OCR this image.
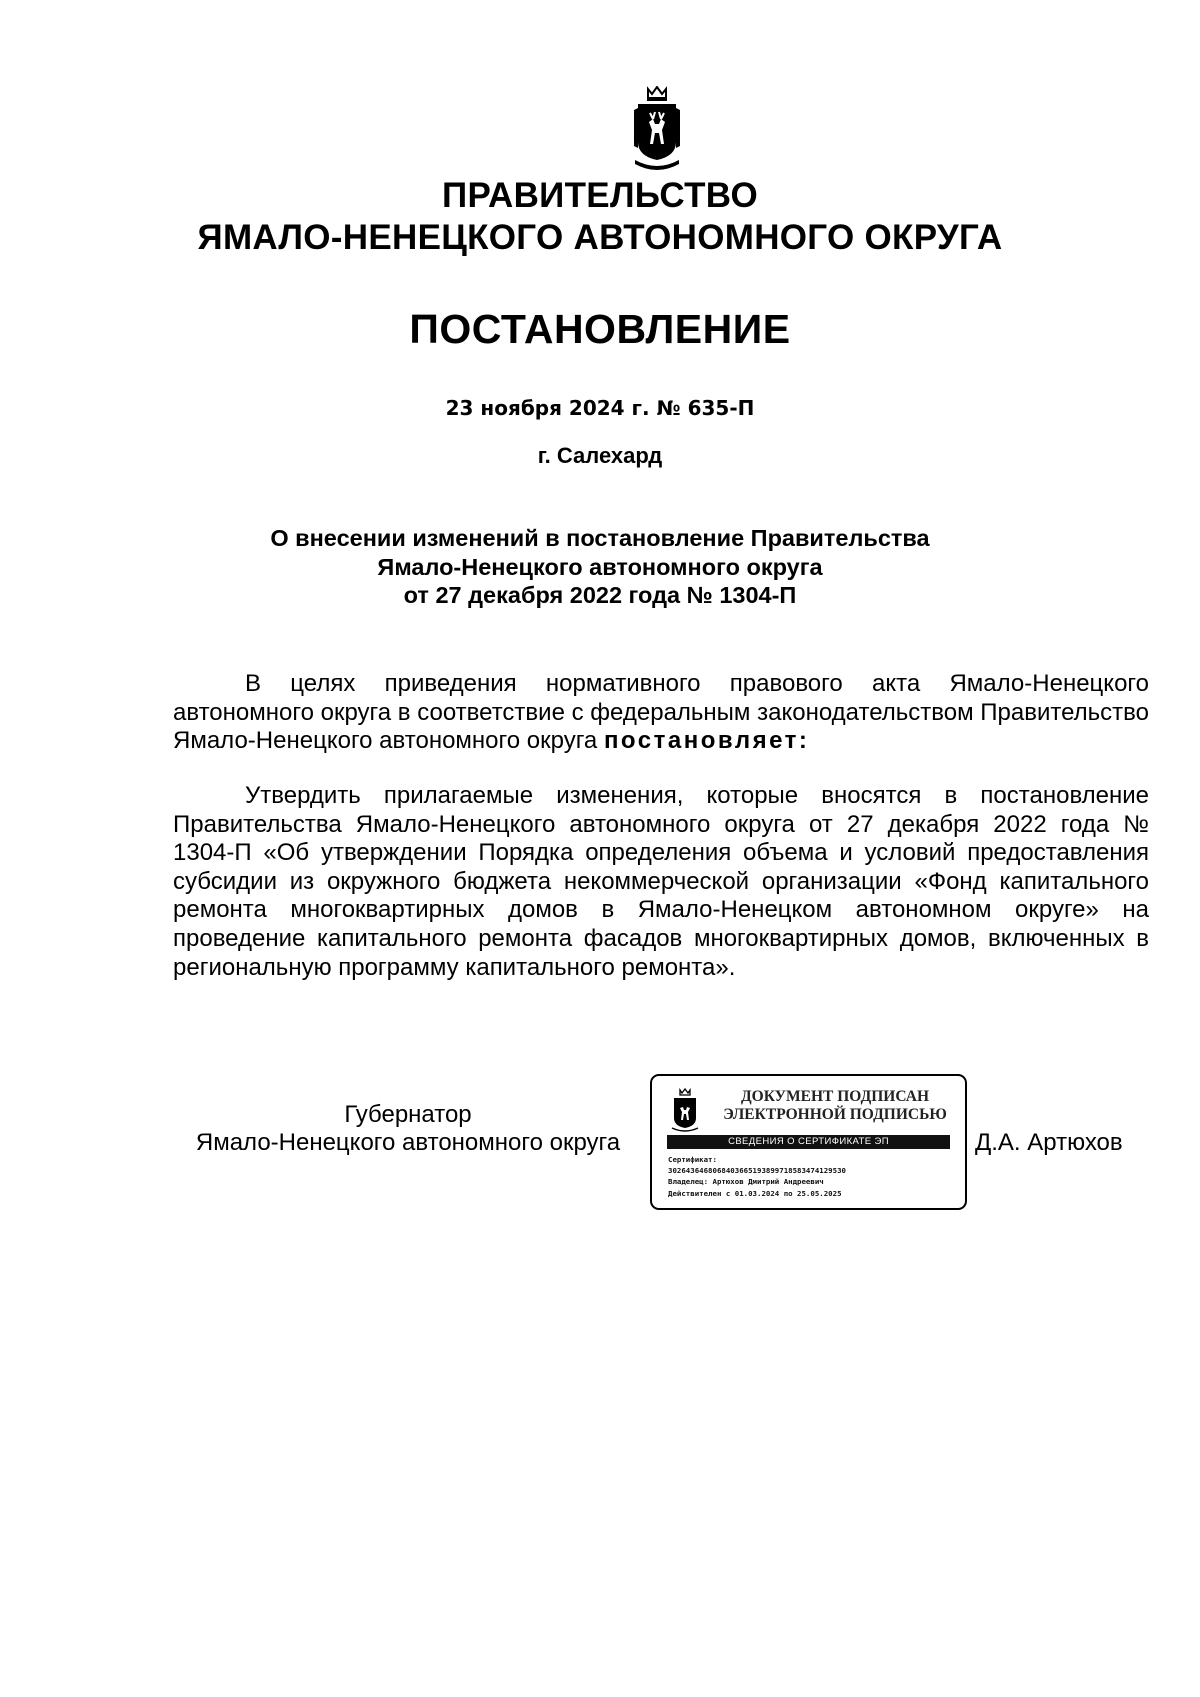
ПРАВИТЕЛЬСТВО
ЯМАЛО-НЕНЕЦКОГО АВТОНОМНОГО ОКРУГА
ПОСТАНОВЛЕНИЕ
23 ноября 2024 г. № 635-П
г. Салехард
О внесении изменений в постановление Правительства
Ямало-Ненецкого автономного округа
от 27 декабря 2022 года № 1304-П
В целях приведения нормативного правового акта Ямало-Ненецкого автономного округа в соответствие с федеральным законодательством Правительство Ямало-Ненецкого автономного округа постановляет:
Утвердить прилагаемые изменения, которые вносятся в постановление Правительства Ямало-Ненецкого автономного округа от 27 декабря 2022 года № 1304-П «Об утверждении Порядка определения объема и условий предоставления субсидии из окружного бюджета некоммерческой организации «Фонд капитального ремонта многоквартирных домов в Ямало-Ненецком автономном округе» на проведение капитального ремонта фасадов многоквартирных домов, включенных в региональную программу капитального ремонта».
Губернатор
Ямало-Ненецкого автономного округа
ДОКУМЕНТ ПОДПИСАН
ЭЛЕКТРОННОЙ ПОДПИСЬЮ
СВЕДЕНИЯ О СЕРТИФИКАТЕ ЭП
Сертификат:
3026436468068403665193899718583474129530
Владелец: Артюхов Дмитрий Андреевич
Действителен с 01.03.2024 по 25.05.2025
Д.А. Артюхов
